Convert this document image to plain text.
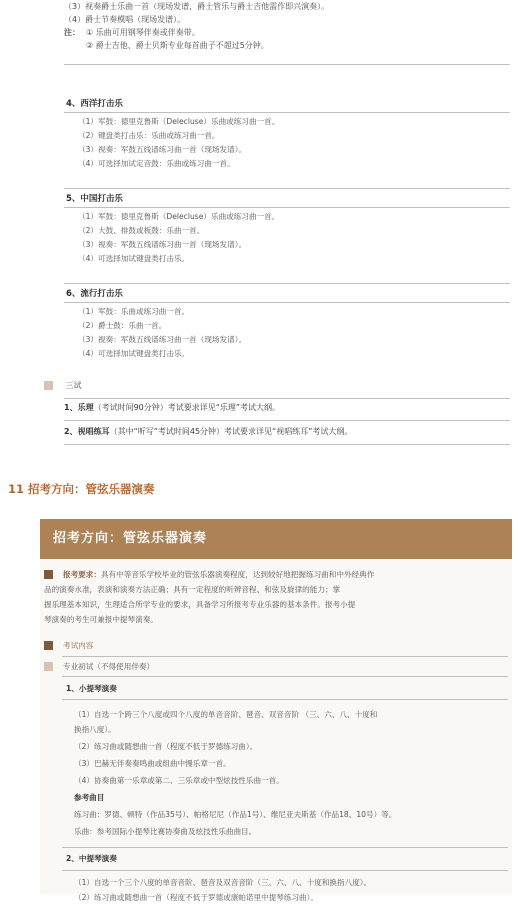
（3）视奏爵士乐曲一首（现场发谱，爵士管乐与爵士吉他需作即兴演奏）。
（4）爵士节奏模唱（现场发谱）。
注： ① 乐曲可用钢琴伴奏或伴奏带。
② 爵士吉他、爵士贝斯专业每首曲子不超过5分钟。
4、西洋打击乐
（1）军鼓：德里克鲁斯（Delecluse）乐曲或练习曲一首。
（2）键盘类打击乐：乐曲或练习曲一首。
（3）视奏：军鼓五线谱练习曲一首（现场发谱）。
（4）可选择加试定音鼓：乐曲或练习曲一首。
5、中国打击乐
（1）军鼓：德里克鲁斯（Delecluse）乐曲或练习曲一首。
（2）大鼓、排鼓或板鼓：乐曲一首。
（3）视奏：军鼓五线谱练习曲一首（现场发谱）。
（4）可选择加试键盘类打击乐。
6、流行打击乐
（1）军鼓：乐曲或练习曲一首。
（2）爵士鼓：乐曲一首。
（3）视奏：军鼓五线谱练习曲一首（现场发谱）。
（4）可选择加试键盘类打击乐。
三试
1、乐理（考试时间90分钟）考试要求详见“乐理”考试大纲。
2、视唱练耳（其中“听写”考试时间45分钟）考试要求详见“视唱练耳”考试大纲。
11 招考方向：管弦乐器演奏
招考方向：管弦乐器演奏
报考要求：具有中等音乐学校毕业的管弦乐器演奏程度，达到较好地把握练习曲和中外经典作
品的演奏水准，表演和演奏方法正确；具有一定程度的听辨音程、和弦及旋律的能力；掌
握乐理基本知识，生理适合所学专业的要求，具备学习所报考专业乐器的基本条件。报考小提
琴演奏的考生可兼报中提琴演奏。
考试内容
专业初试（不得使用伴奏）
1、小提琴演奏
（1）自选一个跨三个八度或四个八度的单音音阶、琶音、双音音阶 （三、六、八、十度和
换指八度）。
（2）练习曲或随想曲一首（程度不低于罗德练习曲）。
（3）巴赫无伴奏奏鸣曲或组曲中慢乐章一首。
（4）协奏曲第一乐章或第二、三乐章或中型炫技性乐曲一首。
参考曲目
练习曲：罗德、顿特（作品35号）、帕格尼尼（作品1号）、维尼亚夫斯基（作品18、10号）等。
乐曲：参考国际小提琴比赛协奏曲及炫技性乐曲曲目。
2、中提琴演奏
（1）自选一个三个八度的单音音阶、琶音及双音音阶（三、六、八、十度和换指八度）。
（2）练习曲或随想曲一首（程度不低于罗德或康帕诺里中提琴练习曲）。
